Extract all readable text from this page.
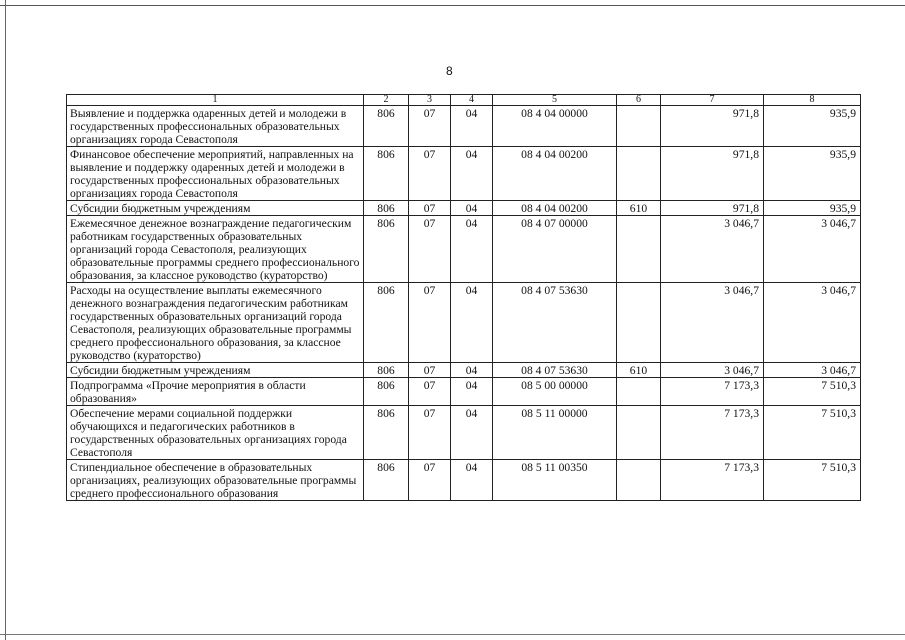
8
1	2	3	4	5	6	7	8
Выявление и поддержка одаренных детей и молодежи в государственных профессиональных образовательных организациях города Севастополя	806	07	04	08 4 04 00000		971,8	935,9
Финансовое обеспечение мероприятий, направленных на выявление и поддержку одаренных детей и молодежи в государственных профессиональных образовательных организациях города Севастополя	806	07	04	08 4 04 00200		971,8	935,9
Субсидии бюджетным учреждениям	806	07	04	08 4 04 00200	610	971,8	935,9
Ежемесячное денежное вознаграждение педагогическим работникам государственных образовательных организаций города Севастополя, реализующих образовательные программы среднего профессионального образования, за классное руководство (кураторство)	806	07	04	08 4 07 00000		3 046,7	3 046,7
Расходы на осуществление выплаты ежемесячного денежного вознаграждения педагогическим работникам государственных образовательных организаций города Севастополя, реализующих образовательные программы среднего профессионального образования, за классное руководство (кураторство)	806	07	04	08 4 07 53630		3 046,7	3 046,7
Субсидии бюджетным учреждениям	806	07	04	08 4 07 53630	610	3 046,7	3 046,7
Подпрограмма «Прочие мероприятия в области образования»	806	07	04	08 5 00 00000		7 173,3	7 510,3
Обеспечение мерами социальной поддержки обучающихся и педагогических работников в государственных образовательных организациях города Севастополя	806	07	04	08 5 11 00000		7 173,3	7 510,3
Стипендиальное обеспечение в образовательных организациях, реализующих образовательные программы среднего профессионального образования	806	07	04	08 5 11 00350		7 173,3	7 510,3
